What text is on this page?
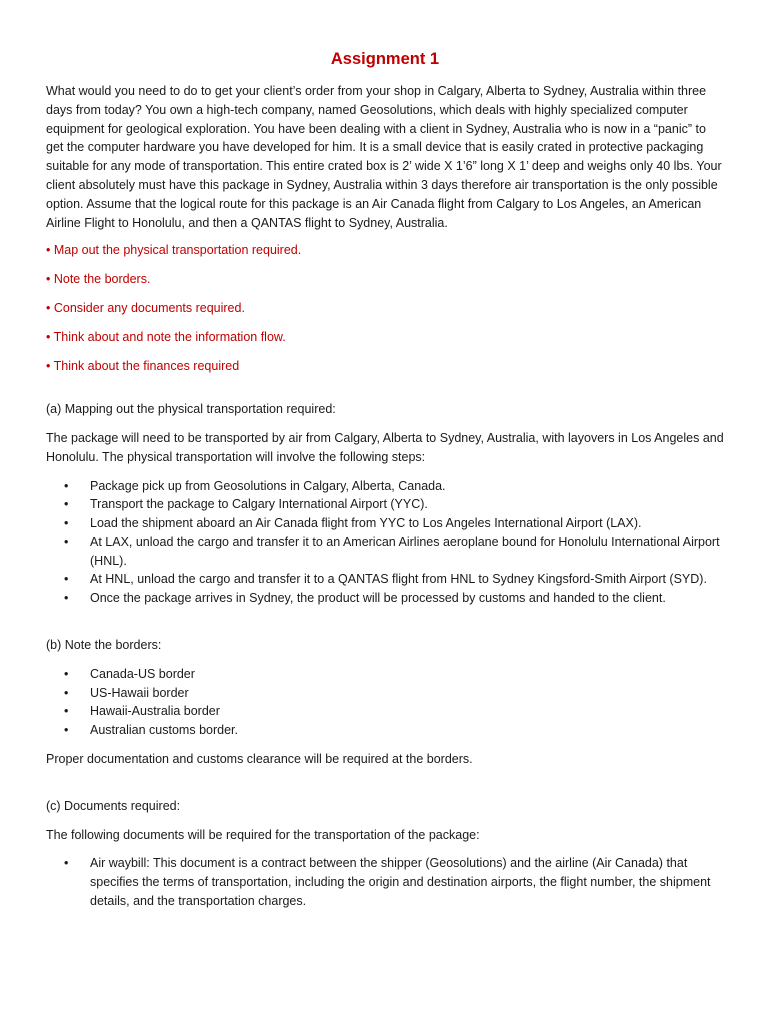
Assignment 1

What would you need to do to get your client’s order from your shop in Calgary, Alberta to Sydney, Australia within three days from today? You own a high-tech company, named Geosolutions, which deals with highly specialized computer equipment for geological exploration. You have been dealing with a client in Sydney, Australia who is now in a “panic” to get the computer hardware you have developed for him. It is a small device that is easily crated in protective packaging suitable for any mode of transportation. This entire crated box is 2’ wide X 1’6” long X 1’ deep and weighs only 40 lbs. Your client absolutely must have this package in Sydney, Australia within 3 days therefore air transportation is the only possible option. Assume that the logical route for this package is an Air Canada flight from Calgary to Los Angeles, an American Airline Flight to Honolulu, and then a QANTAS flight to Sydney, Australia.

• Map out the physical transportation required.
• Note the borders.
• Consider any documents required.
• Think about and note the information flow.
• Think about the finances required

(a) Mapping out the physical transportation required:

The package will need to be transported by air from Calgary, Alberta to Sydney, Australia, with layovers in Los Angeles and Honolulu. The physical transportation will involve the following steps:

•	Package pick up from Geosolutions in Calgary, Alberta, Canada.
•	Transport the package to Calgary International Airport (YYC).
•	Load the shipment aboard an Air Canada flight from YYC to Los Angeles International Airport (LAX).
•	At LAX, unload the cargo and transfer it to an American Airlines aeroplane bound for Honolulu International Airport (HNL).
•	At HNL, unload the cargo and transfer it to a QANTAS flight from HNL to Sydney Kingsford-Smith Airport (SYD).
•	Once the package arrives in Sydney, the product will be processed by customs and handed to the client.

(b) Note the borders:

•	Canada-US border
•	US-Hawaii border
•	Hawaii-Australia border
•	Australian customs border.

Proper documentation and customs clearance will be required at the borders.

(c) Documents required:

The following documents will be required for the transportation of the package:

•	Air waybill: This document is a contract between the shipper (Geosolutions) and the airline (Air Canada) that specifies the terms of transportation, including the origin and destination airports, the flight number, the shipment details, and the transportation charges.
